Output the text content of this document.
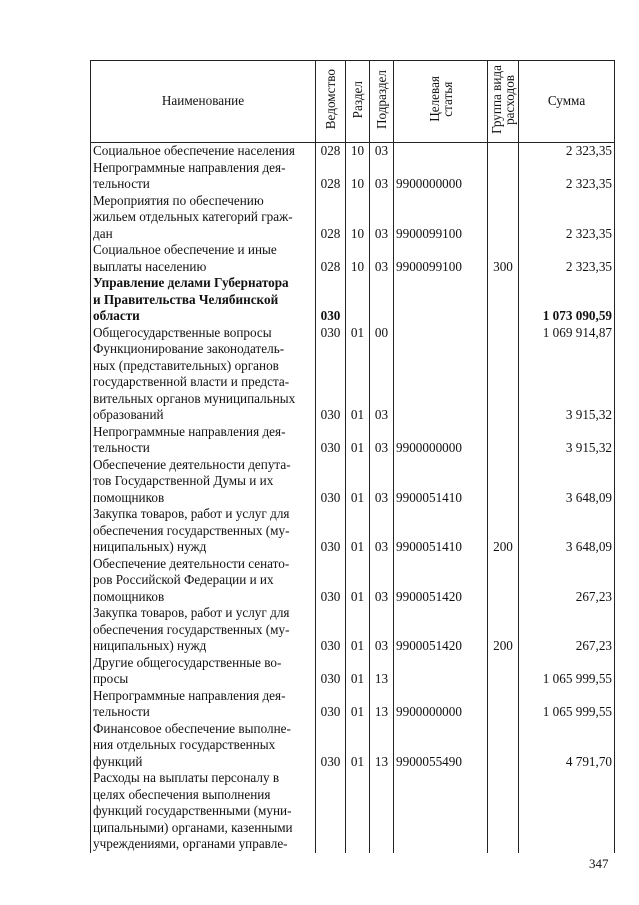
Наименование	Ведомство	Раздел	Подраздел	Целевая
статья	Группа вида
расходов	Сумма
Социальное обеспечение населения	028	10	03			2 323,35
Непрограммные направления дея-
тельности	028	10	03	9900000000		2 323,35
Мероприятия по обеспечению
жильем отдельных категорий граж-
дан	028	10	03	9900099100		2 323,35
Социальное обеспечение и иные
выплаты населению	028	10	03	9900099100	300	2 323,35
Управление делами Губернатора
и Правительства Челябинской
области	030					1 073 090,59
Общегосударственные вопросы	030	01	00			1 069 914,87
Функционирование законодатель-
ных (представительных) органов
государственной власти и предста-
вительных органов муниципальных
образований	030	01	03			3 915,32
Непрограммные направления дея-
тельности	030	01	03	9900000000		3 915,32
Обеспечение деятельности депута-
тов Государственной Думы и их
помощников	030	01	03	9900051410		3 648,09
Закупка товаров, работ и услуг для
обеспечения государственных (му-
ниципальных) нужд	030	01	03	9900051410	200	3 648,09
Обеспечение деятельности сенато-
ров Российской Федерации и их
помощников	030	01	03	9900051420		267,23
Закупка товаров, работ и услуг для
обеспечения государственных (му-
ниципальных) нужд	030	01	03	9900051420	200	267,23
Другие общегосударственные во-
просы	030	01	13			1 065 999,55
Непрограммные направления дея-
тельности	030	01	13	9900000000		1 065 999,55
Финансовое обеспечение выполне-
ния отдельных государственных
функций	030	01	13	9900055490		4 791,70
Расходы на выплаты персоналу в
целях обеспечения выполнения
функций государственными (муни-
ципальными) органами, казенными
учреждениями, органами управле-						
347
